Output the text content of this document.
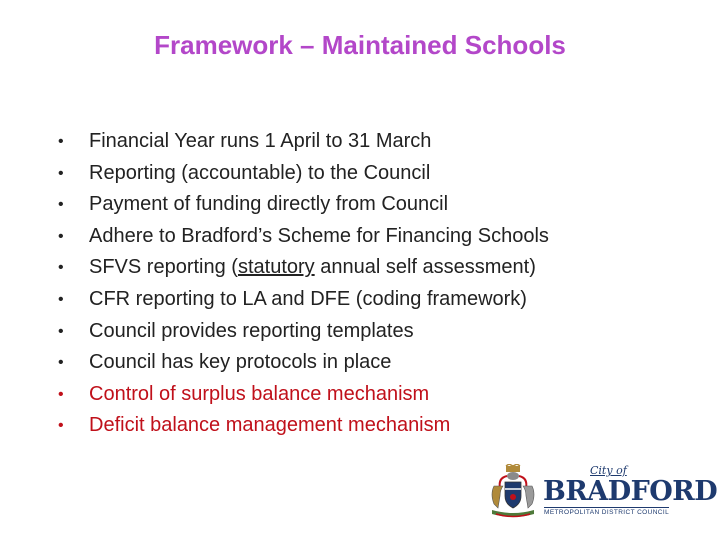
Framework – Maintained Schools
• Financial Year runs 1 April to 31 March
• Reporting (accountable) to the Council
• Payment of funding directly from Council
• Adhere to Bradford’s Scheme for Financing Schools
• SFVS reporting (statutory annual self assessment)
• CFR reporting to LA and DFE (coding framework)
• Council provides reporting templates
• Council has key protocols in place
• Control of surplus balance mechanism
• Deficit balance management mechanism
City of
BRADFORD
METROPOLITAN DISTRICT COUNCIL
